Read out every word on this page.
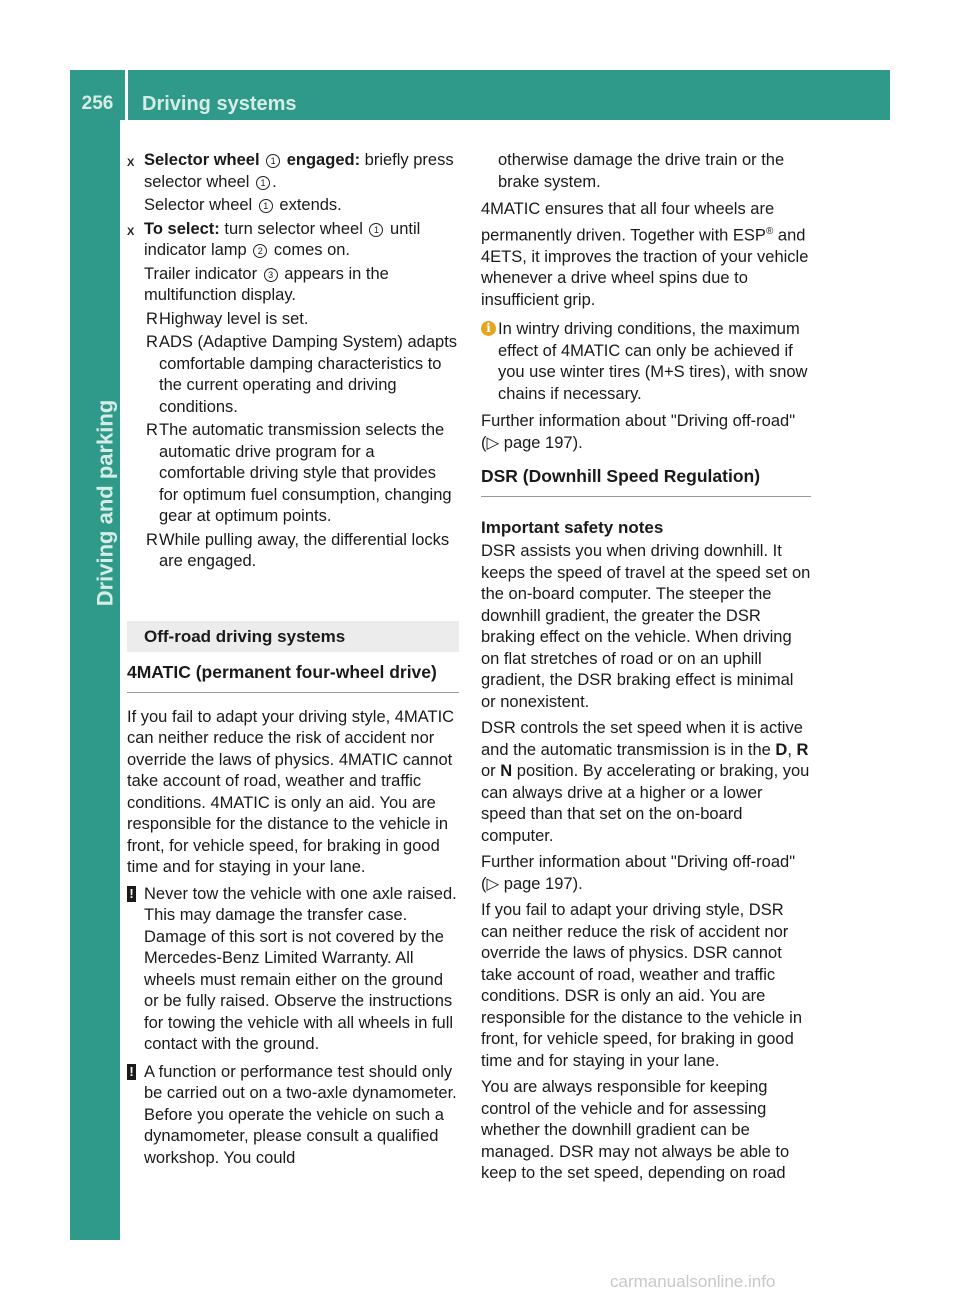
256	Driving systems
Driving and parking
X Selector wheel 1 engaged: briefly press selector wheel 1 .
Selector wheel 1 extends.
X To select: turn selector wheel 1 until indicator lamp 2 comes on.
Trailer indicator 3 appears in the multifunction display.
R Highway level is set.
R ADS (Adaptive Damping System) adapts comfortable damping characteristics to the current operating and driving conditions.
R The automatic transmission selects the automatic drive program for a comfortable driving style that provides for optimum fuel consumption, changing gear at optimum points.
R While pulling away, the differential locks are engaged.
Off-road driving systems
4MATIC (permanent four-wheel drive)

If you fail to adapt your driving style, 4MATIC can neither reduce the risk of accident nor override the laws of physics. 4MATIC cannot take account of road, weather and traffic conditions. 4MATIC is only an aid. You are responsible for the distance to the vehicle in front, for vehicle speed, for braking in good time and for staying in your lane.

! Never tow the vehicle with one axle raised. This may damage the transfer case. Damage of this sort is not covered by the Mercedes-Benz Limited Warranty. All wheels must remain either on the ground or be fully raised. Observe the instructions for towing the vehicle with all wheels in full contact with the ground.
! A function or performance test should only be carried out on a two-axle dynamometer. Before you operate the vehicle on such a dynamometer, please consult a qualified workshop. You could
otherwise damage the drive train or the brake system.

4MATIC ensures that all four wheels are permanently driven. Together with ESP® and 4ETS, it improves the traction of your vehicle whenever a drive wheel spins due to insufficient grip.

i In wintry driving conditions, the maximum effect of 4MATIC can only be achieved if you use winter tires (M+S tires), with snow chains if necessary.

Further information about "Driving off-road" (▷ page 197).

DSR (Downhill Speed Regulation)
Important safety notes

DSR assists you when driving downhill. It keeps the speed of travel at the speed set on the on-board computer. The steeper the downhill gradient, the greater the DSR braking effect on the vehicle. When driving on flat stretches of road or on an uphill gradient, the DSR braking effect is minimal or nonexistent.

DSR controls the set speed when it is active and the automatic transmission is in the D, R or N position. By accelerating or braking, you can always drive at a higher or a lower speed than that set on the on-board computer.

Further information about "Driving off-road" (▷ page 197).

If you fail to adapt your driving style, DSR can neither reduce the risk of accident nor override the laws of physics. DSR cannot take account of road, weather and traffic conditions. DSR is only an aid. You are responsible for the distance to the vehicle in front, for vehicle speed, for braking in good time and for staying in your lane.

You are always responsible for keeping control of the vehicle and for assessing whether the downhill gradient can be managed. DSR may not always be able to keep to the set speed, depending on road

carmanualsonline.info
